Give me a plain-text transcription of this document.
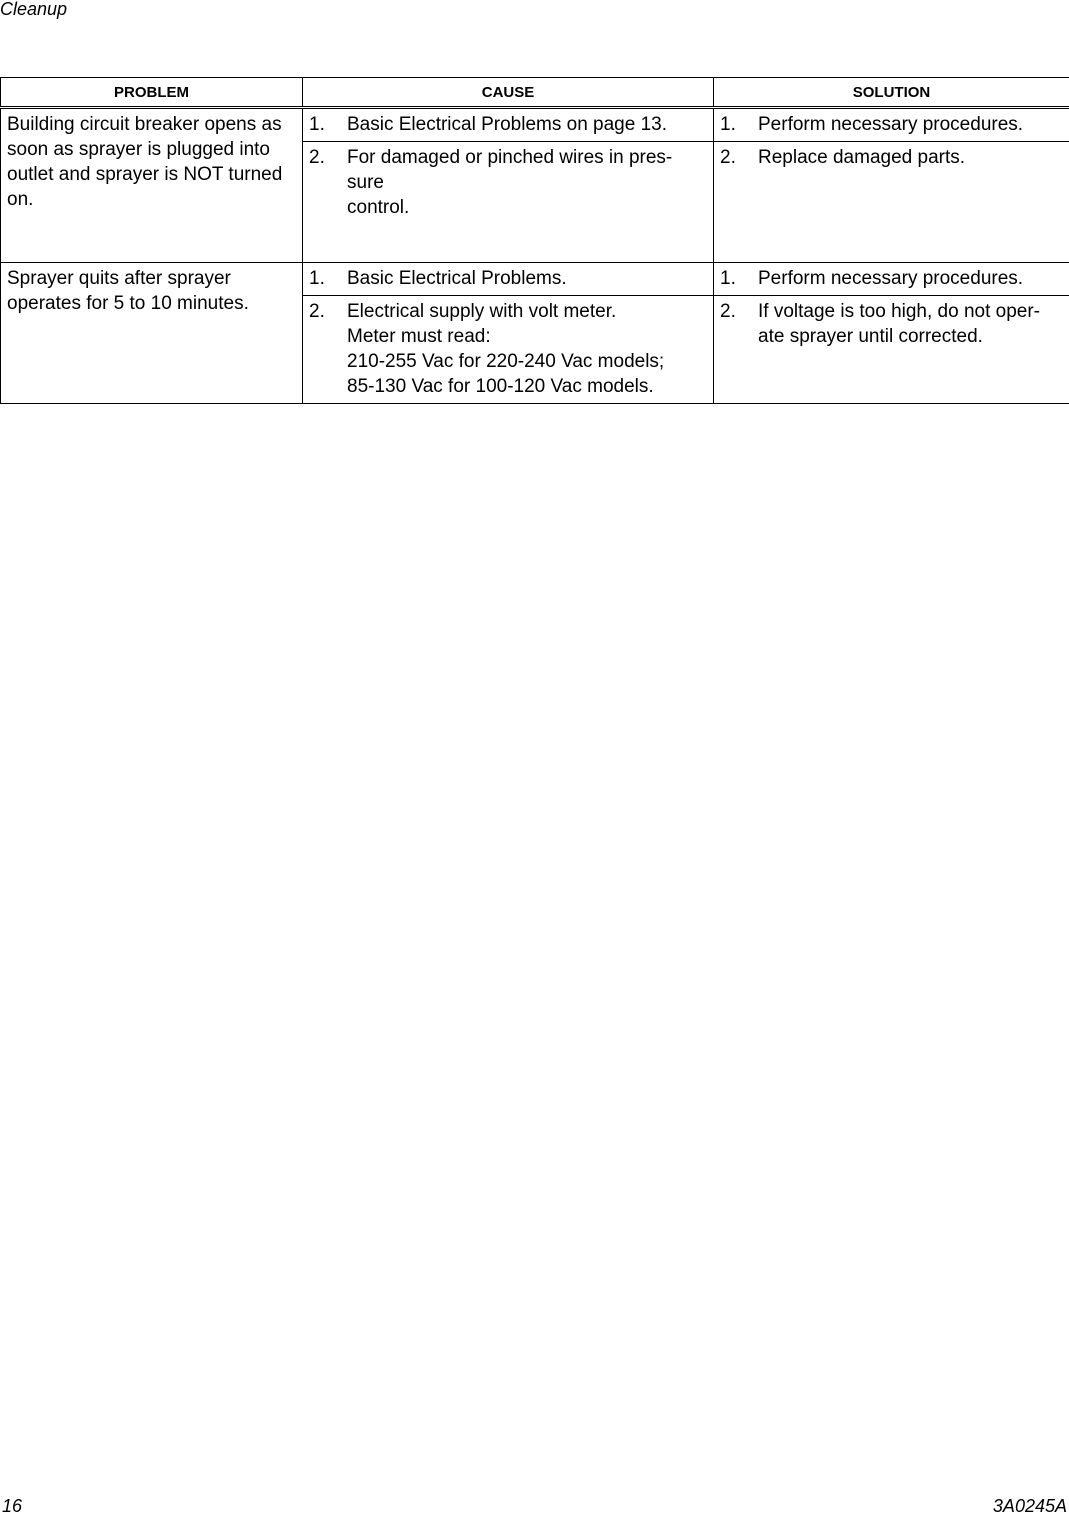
Cleanup
PROBLEM	CAUSE	SOLUTION
Building circuit breaker opens as soon as sprayer is plugged into outlet and sprayer is NOT turned on.	1. Basic Electrical Problems on page 13.	1. Perform necessary procedures.

	2. For damaged or pinched wires in pres-
sure
control.	2. Replace damaged parts.

Sprayer quits after sprayer operates for 5 to 10 minutes.	1. Basic Electrical Problems.	1. Perform necessary procedures.

	2. Electrical supply with volt meter.
Meter must read:
210-255 Vac for 220-240 Vac models;
85-130 Vac for 100-120 Vac models.	2. If voltage is too high, do not oper-
ate sprayer until corrected.
16	3A0245A
